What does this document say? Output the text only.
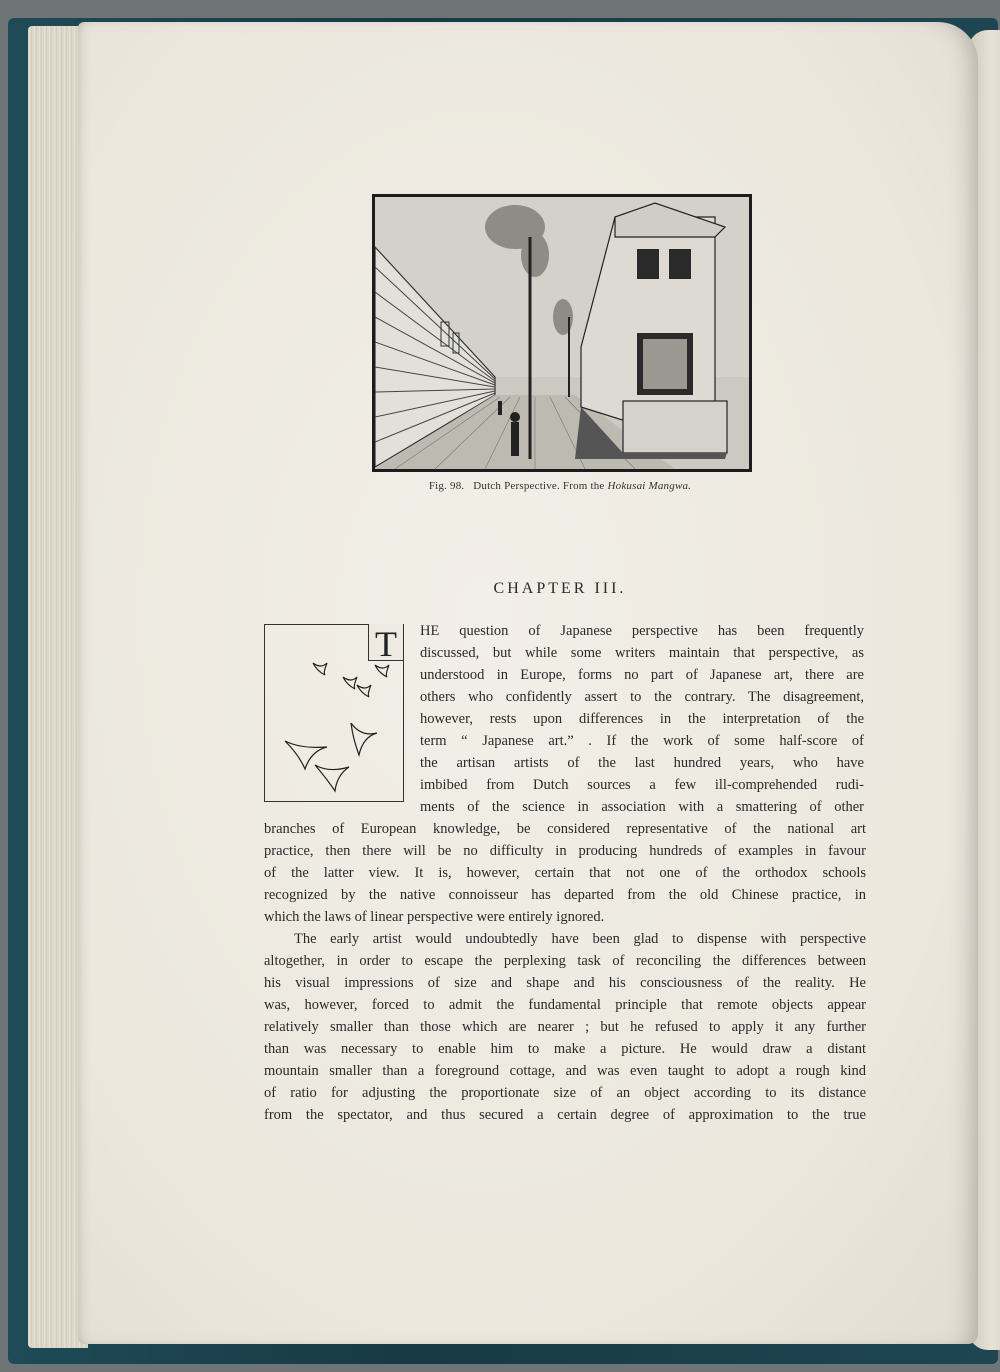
Fig. 98. Dutch Perspective. From the Hokusai Mangwa.
CHAPTER III.
T	HE question of Japanese perspective has been frequently
discussed, but while some writers maintain that perspective, as
understood in Europe, forms no part of Japanese art, there are
others who confidently assert to the contrary. The disagreement,
however, rests upon differences in the interpretation of the
term “ Japanese art.” . If the work of some half-score of
the artisan artists of the last hundred years, who have
imbibed from Dutch sources a few ill-comprehended rudi-
ments of the science in association with a smattering of other
branches of European knowledge, be considered representative of the national art
practice, then there will be no difficulty in producing hundreds of examples in favour
of the latter view. It is, however, certain that not one of the orthodox schools
recognized by the native connoisseur has departed from the old Chinese practice, in
which the laws of linear perspective were entirely ignored.
The early artist would undoubtedly have been glad to dispense with perspective
altogether, in order to escape the perplexing task of reconciling the differences between
his visual impressions of size and shape and his consciousness of the reality. He
was, however, forced to admit the fundamental principle that remote objects appear
relatively smaller than those which are nearer ; but he refused to apply it any further
than was necessary to enable him to make a picture. He would draw a distant
mountain smaller than a foreground cottage, and was even taught to adopt a rough kind
of ratio for adjusting the proportionate size of an object according to its distance
from the spectator, and thus secured a certain degree of approximation to the true
